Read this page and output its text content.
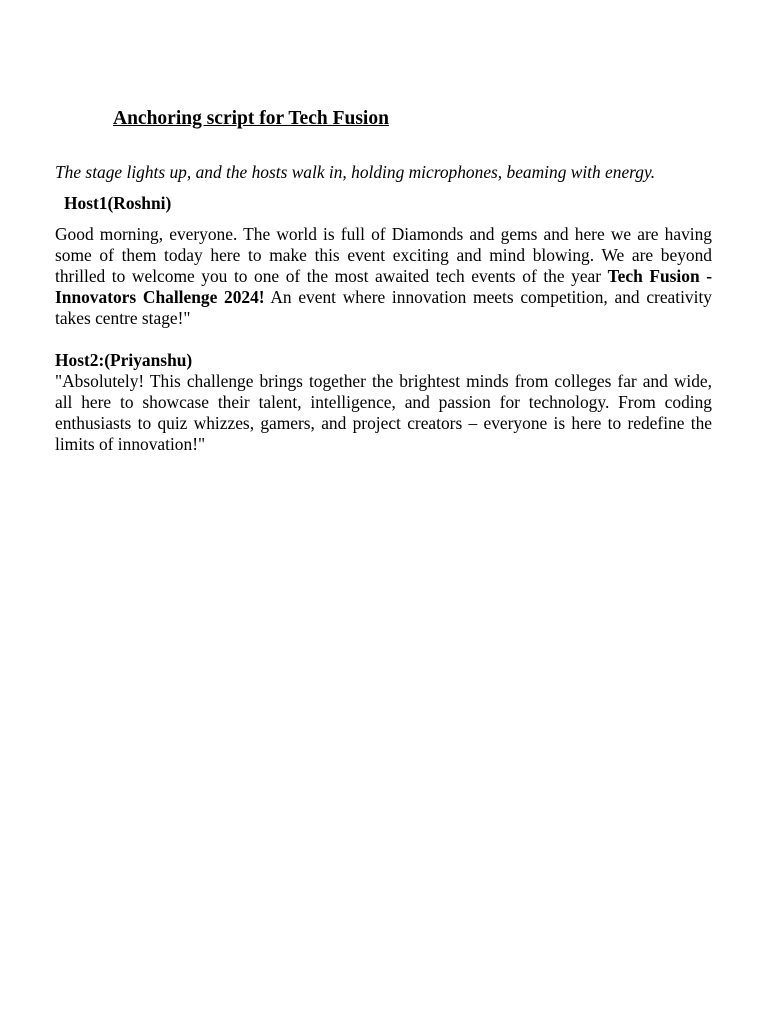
Anchoring script for Tech Fusion
The stage lights up, and the hosts walk in, holding microphones, beaming with energy.
Host1(Roshni)
Good morning, everyone. The world is full of Diamonds and gems and here we are having some of them today here to make this event exciting and mind blowing. We are beyond thrilled to welcome you to one of the most awaited tech events of the year Tech Fusion - Innovators Challenge 2024! An event where innovation meets competition, and creativity takes centre stage!"
Host2:(Priyanshu)
"Absolutely! This challenge brings together the brightest minds from colleges far and wide, all here to showcase their talent, intelligence, and passion for technology. From coding enthusiasts to quiz whizzes, gamers, and project creators – everyone is here to redefine the limits of innovation!"
